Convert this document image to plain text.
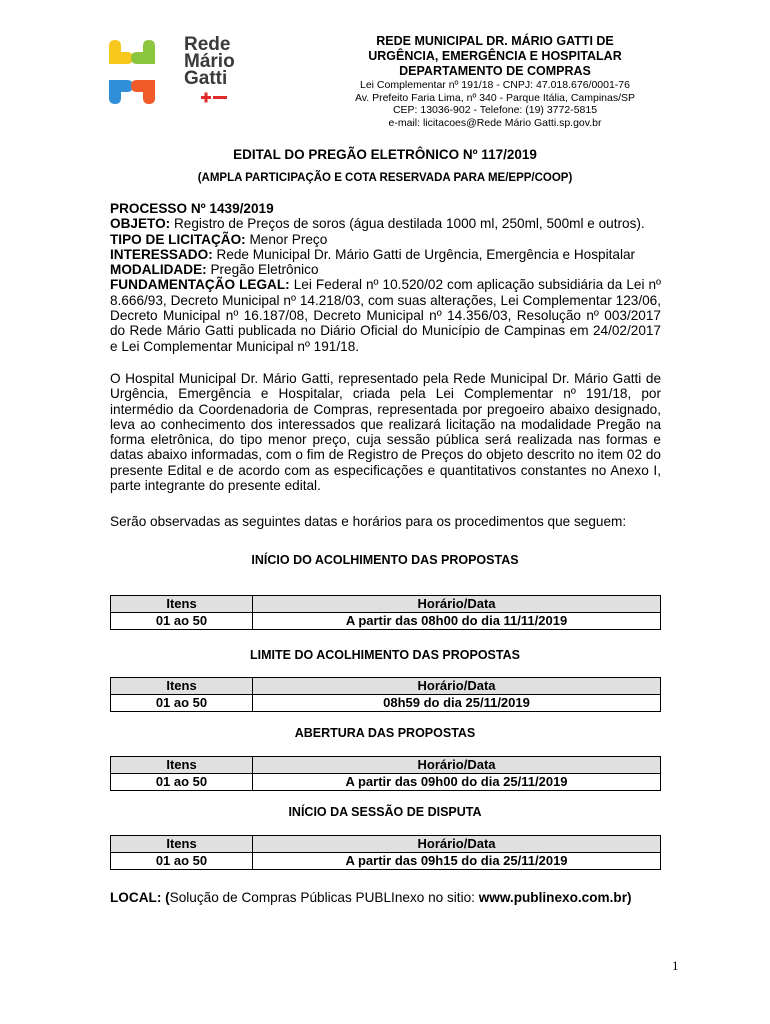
Rede
Mário
Gatti
REDE MUNICIPAL DR. MÁRIO GATTI DE
URGÊNCIA, EMERGÊNCIA E HOSPITALAR
DEPARTAMENTO DE COMPRAS
Lei Complementar nº 191/18 - CNPJ: 47.018.676/0001-76
Av. Prefeito Faria Lima, nº 340 - Parque Itália, Campinas/SP
CEP: 13036-902 - Telefone: (19) 3772-5815
e-mail: licitacoes@Rede Mário Gatti.sp.gov.br
EDITAL DO PREGÃO ELETRÔNICO Nº 117/2019
(AMPLA PARTICIPAÇÃO E COTA RESERVADA PARA ME/EPP/COOP)
PROCESSO Nº 1439/2019
OBJETO: Registro de Preços de soros (água destilada 1000 ml, 250ml, 500ml e outros).
TIPO DE LICITAÇÃO: Menor Preço
INTERESSADO: Rede Municipal Dr. Mário Gatti de Urgência, Emergência e Hospitalar
MODALIDADE: Pregão Eletrônico
FUNDAMENTAÇÃO LEGAL: Lei Federal nº 10.520/02 com aplicação subsidiária da Lei nº 8.666/93, Decreto Municipal nº 14.218/03, com suas alterações, Lei Complementar 123/06, Decreto Municipal nº 16.187/08, Decreto Municipal nº 14.356/03, Resolução nº 003/2017 do Rede Mário Gatti publicada no Diário Oficial do Município de Campinas em 24/02/2017 e Lei Complementar Municipal nº 191/18.
O Hospital Municipal Dr. Mário Gatti, representado pela Rede Municipal Dr. Mário Gatti de Urgência, Emergência e Hospitalar, criada pela Lei Complementar nº 191/18, por intermédio da Coordenadoria de Compras, representada por pregoeiro abaixo designado, leva ao conhecimento dos interessados que realizará licitação na modalidade Pregão na forma eletrônica, do tipo menor preço, cuja sessão pública será realizada nas formas e datas abaixo informadas, com o fim de Registro de Preços do objeto descrito no item 02 do presente Edital e de acordo com as especificações e quantitativos constantes no Anexo I, parte integrante do presente edital.
Serão observadas as seguintes datas e horários para os procedimentos que seguem:
INÍCIO DO ACOLHIMENTO DAS PROPOSTAS
Itens	Horário/Data
01 ao 50	A partir das 08h00 do dia 11/11/2019
LIMITE DO ACOLHIMENTO DAS PROPOSTAS
Itens	Horário/Data
01 ao 50	08h59 do dia 25/11/2019
ABERTURA DAS PROPOSTAS
Itens	Horário/Data
01 ao 50	A partir das 09h00 do dia 25/11/2019
INÍCIO DA SESSÃO DE DISPUTA
Itens	Horário/Data
01 ao 50	A partir das 09h15 do dia 25/11/2019
LOCAL: (Solução de Compras Públicas PUBLInexo no sitio: www.publinexo.com.br)
1
